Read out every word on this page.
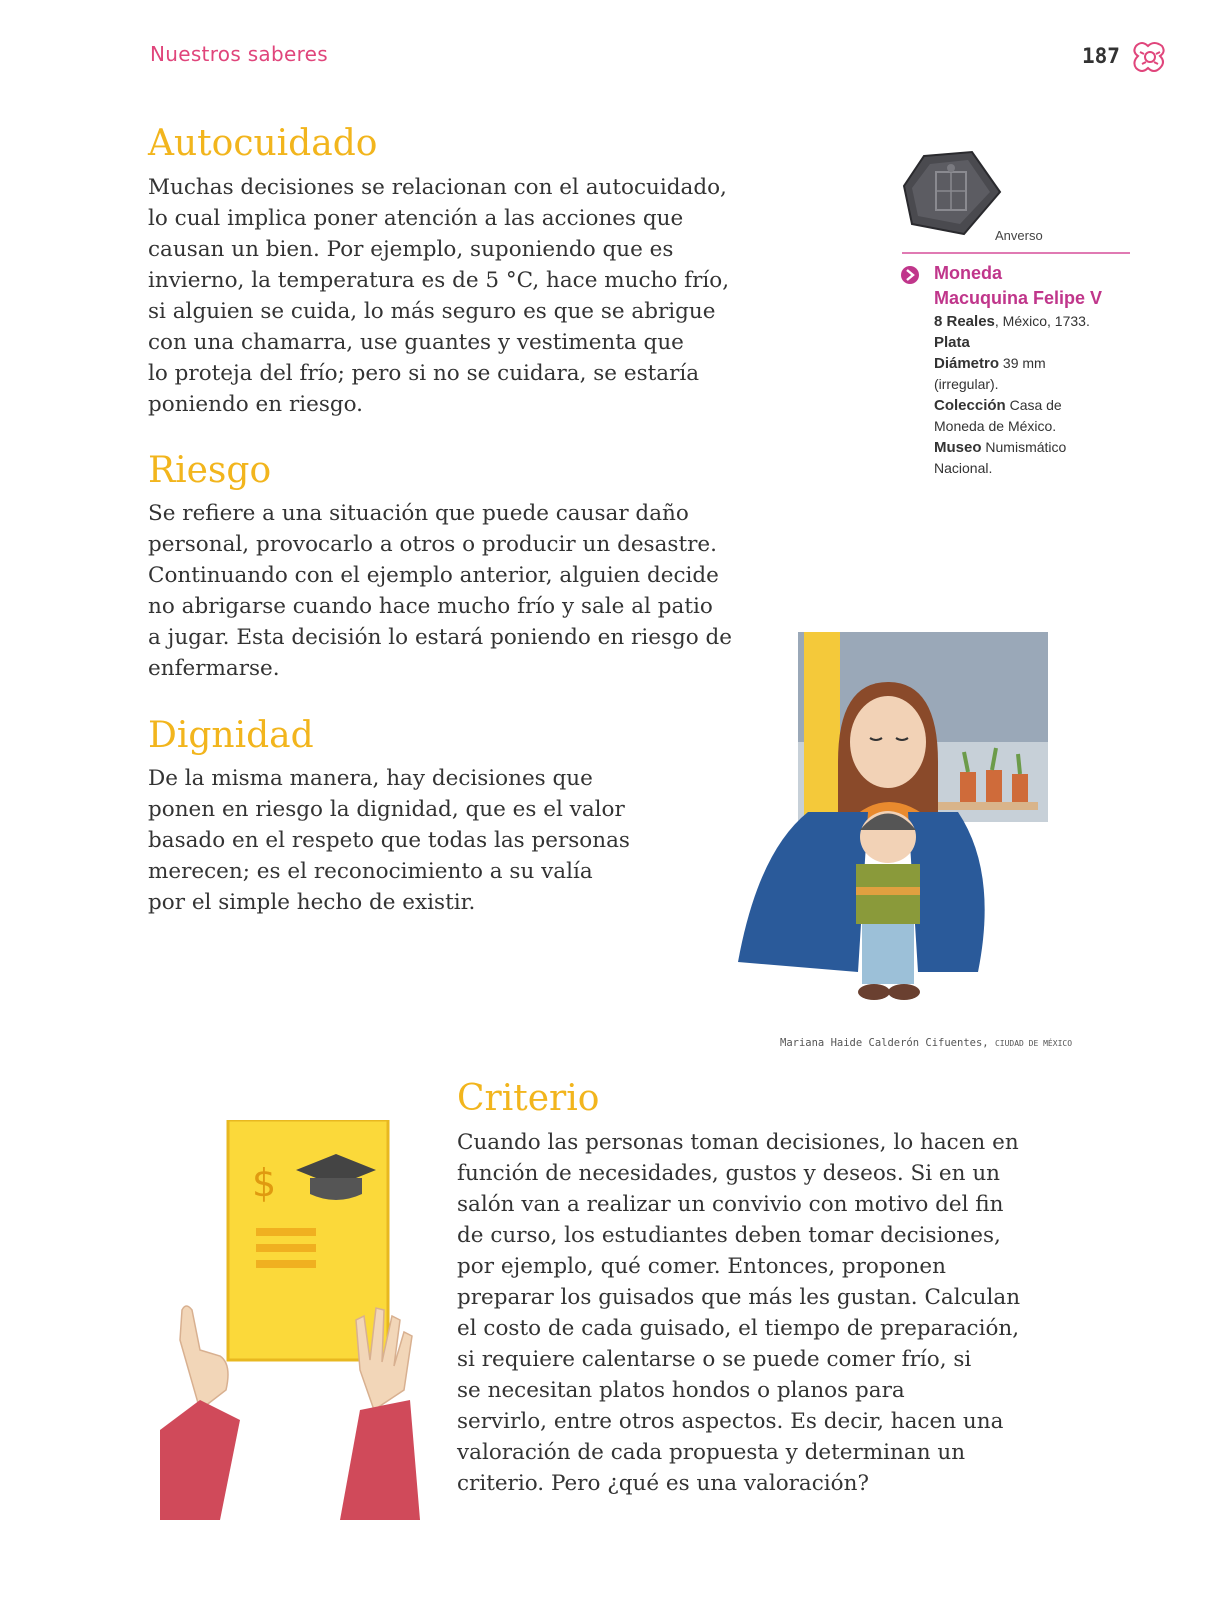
Nuestros saberes	187
Autocuidado
Muchas decisiones se relacionan con el autocuidado,
lo cual implica poner atención a las acciones que
causan un bien. Por ejemplo, suponiendo que es
invierno, la temperatura es de 5 °C, hace mucho frío,
si alguien se cuida, lo más seguro es que se abrigue
con una chamarra, use guantes y vestimenta que
lo proteja del frío; pero si no se cuidara, se estaría
poniendo en riesgo.
Riesgo
Se refiere a una situación que puede causar daño
personal, provocarlo a otros o producir un desastre.
Continuando con el ejemplo anterior, alguien decide
no abrigarse cuando hace mucho frío y sale al patio
a jugar. Esta decisión lo estará poniendo en riesgo de
enfermarse.
Dignidad
De la misma manera, hay decisiones que
ponen en riesgo la dignidad, que es el valor
basado en el respeto que todas las personas
merecen; es el reconocimiento a su valía
por el simple hecho de existir.
Anverso
Moneda
Macuquina Felipe V
8 Reales, México, 1733.
Plata
Diámetro 39 mm
(irregular).
Colección Casa de
Moneda de México.
Museo Numismático
Nacional.
Mariana Haide Calderón Cifuentes, CIUDAD DE MÉXICO
$
Criterio
Cuando las personas toman decisiones, lo hacen en
función de necesidades, gustos y deseos. Si en un
salón van a realizar un convivio con motivo del fin
de curso, los estudiantes deben tomar decisiones,
por ejemplo, qué comer. Entonces, proponen
preparar los guisados que más les gustan. Calculan
el costo de cada guisado, el tiempo de preparación,
si requiere calentarse o se puede comer frío, si
se necesitan platos hondos o planos para
servirlo, entre otros aspectos. Es decir, hacen una
valoración de cada propuesta y determinan un
criterio. Pero ¿qué es una valoración?
